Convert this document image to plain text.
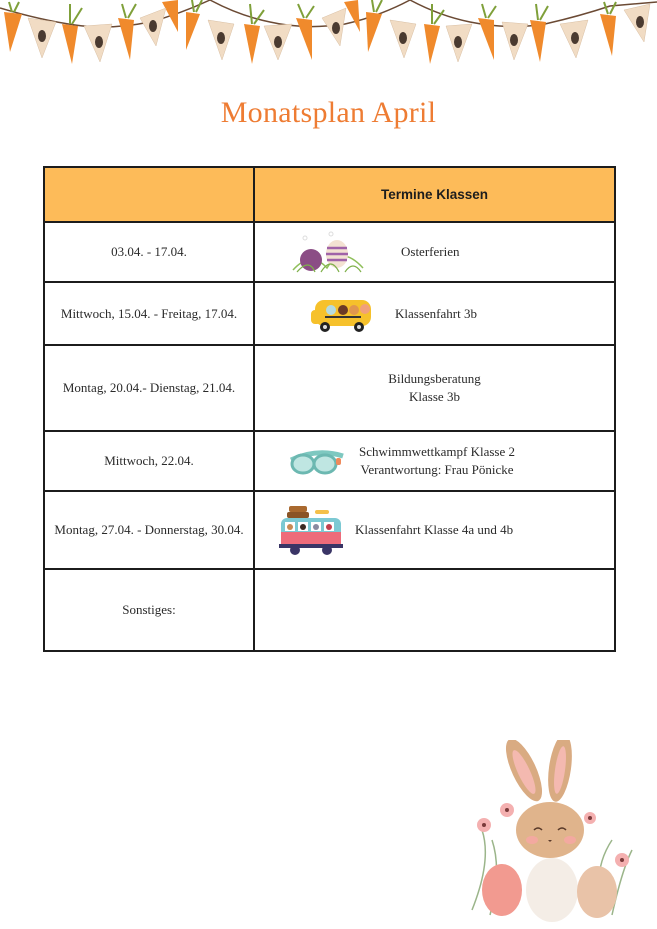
Monatsplan April
	Termine Klassen
03.04. - 17.04.	Osterferien

Mittwoch, 15.04. - Freitag, 17.04.	Klassenfahrt 3b

Montag, 20.04.- Dienstag, 21.04.	Bildungsberatung
Klasse 3b

Mittwoch, 22.04.	Schwimmwettkampf Klasse 2
Verantwortung: Frau Pönicke

Montag, 27.04. - Donnerstag, 30.04.	Klassenfahrt Klasse 4a und 4b

Sonstiges:	
